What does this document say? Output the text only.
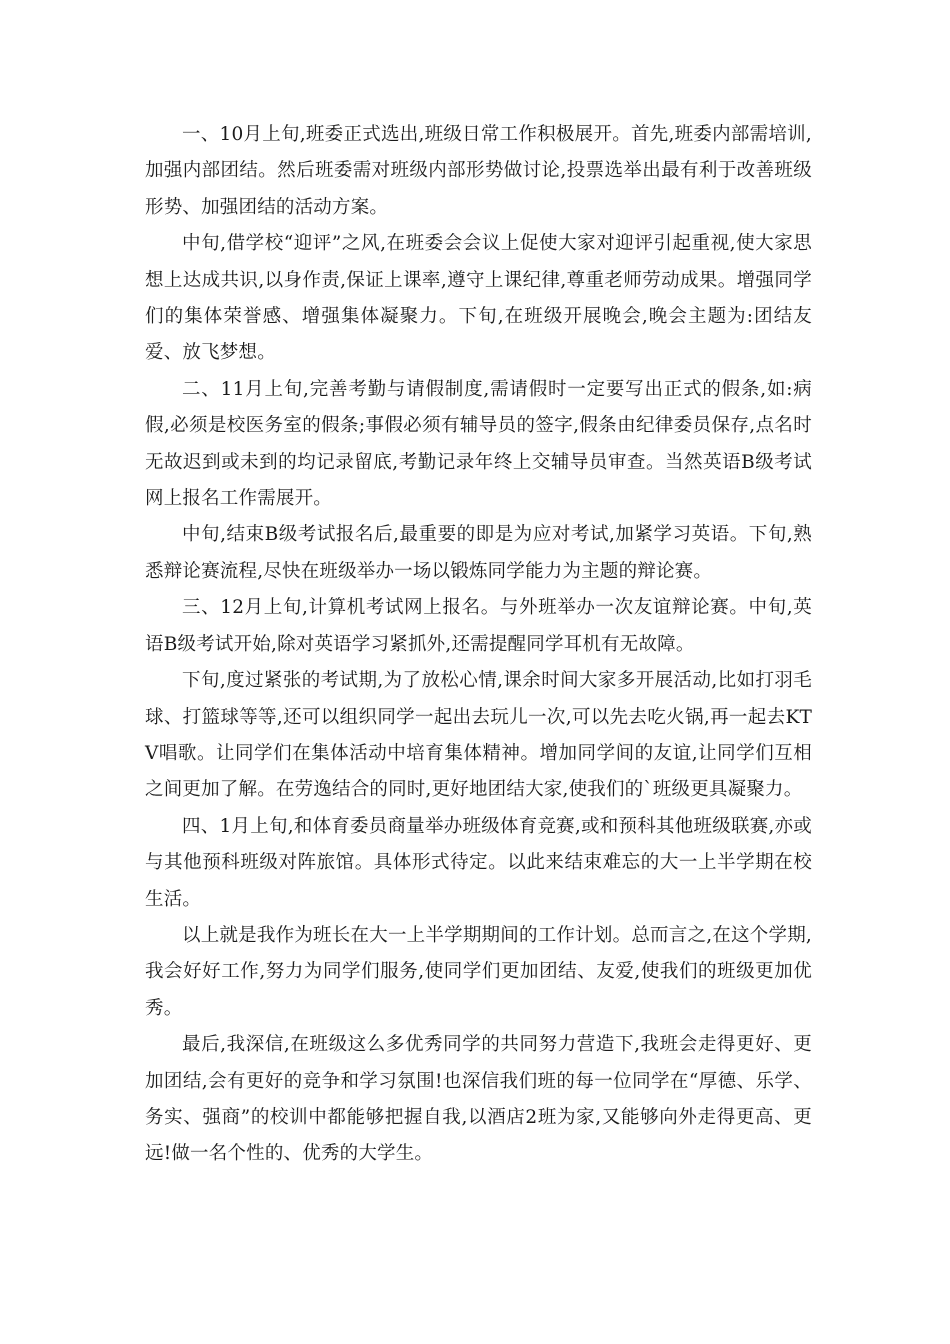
一、10月上旬,班委正式选出,班级日常工作积极展开。首先,班委内部需培训,加强内部团结。然后班委需对班级内部形势做讨论,投票选举出最有利于改善班级形势、加强团结的活动方案。

中旬,借学校“迎评”之风,在班委会会议上促使大家对迎评引起重视,使大家思想上达成共识,以身作责,保证上课率,遵守上课纪律,尊重老师劳动成果。增强同学们的集体荣誉感、增强集体凝聚力。下旬,在班级开展晚会,晚会主题为:团结友爱、放飞梦想。

二、11月上旬,完善考勤与请假制度,需请假时一定要写出正式的假条,如:病假,必须是校医务室的假条;事假必须有辅导员的签字,假条由纪律委员保存,点名时无故迟到或未到的均记录留底,考勤记录年终上交辅导员审查。当然英语B级考试网上报名工作需展开。

中旬,结束B级考试报名后,最重要的即是为应对考试,加紧学习英语。下旬,熟悉辩论赛流程,尽快在班级举办一场以锻炼同学能力为主题的辩论赛。

三、12月上旬,计算机考试网上报名。与外班举办一次友谊辩论赛。中旬,英语B级考试开始,除对英语学习紧抓外,还需提醒同学耳机有无故障。

下旬,度过紧张的考试期,为了放松心情,课余时间大家多开展活动,比如打羽毛球、打篮球等等,还可以组织同学一起出去玩儿一次,可以先去吃火锅,再一起去KTV唱歌。让同学们在集体活动中培育集体精神。增加同学间的友谊,让同学们互相之间更加了解。在劳逸结合的同时,更好地团结大家,使我们的`班级更具凝聚力。

四、1月上旬,和体育委员商量举办班级体育竞赛,或和预科其他班级联赛,亦或与其他预科班级对阵旅馆。具体形式待定。以此来结束难忘的大一上半学期在校生活。

以上就是我作为班长在大一上半学期期间的工作计划。总而言之,在这个学期,我会好好工作,努力为同学们服务,使同学们更加团结、友爱,使我们的班级更加优秀。

最后,我深信,在班级这么多优秀同学的共同努力营造下,我班会走得更好、更加团结,会有更好的竞争和学习氛围!也深信我们班的每一位同学在“厚德、乐学、务实、强商”的校训中都能够把握自我,以酒店2班为家,又能够向外走得更高、更远!做一名个性的、优秀的大学生。
